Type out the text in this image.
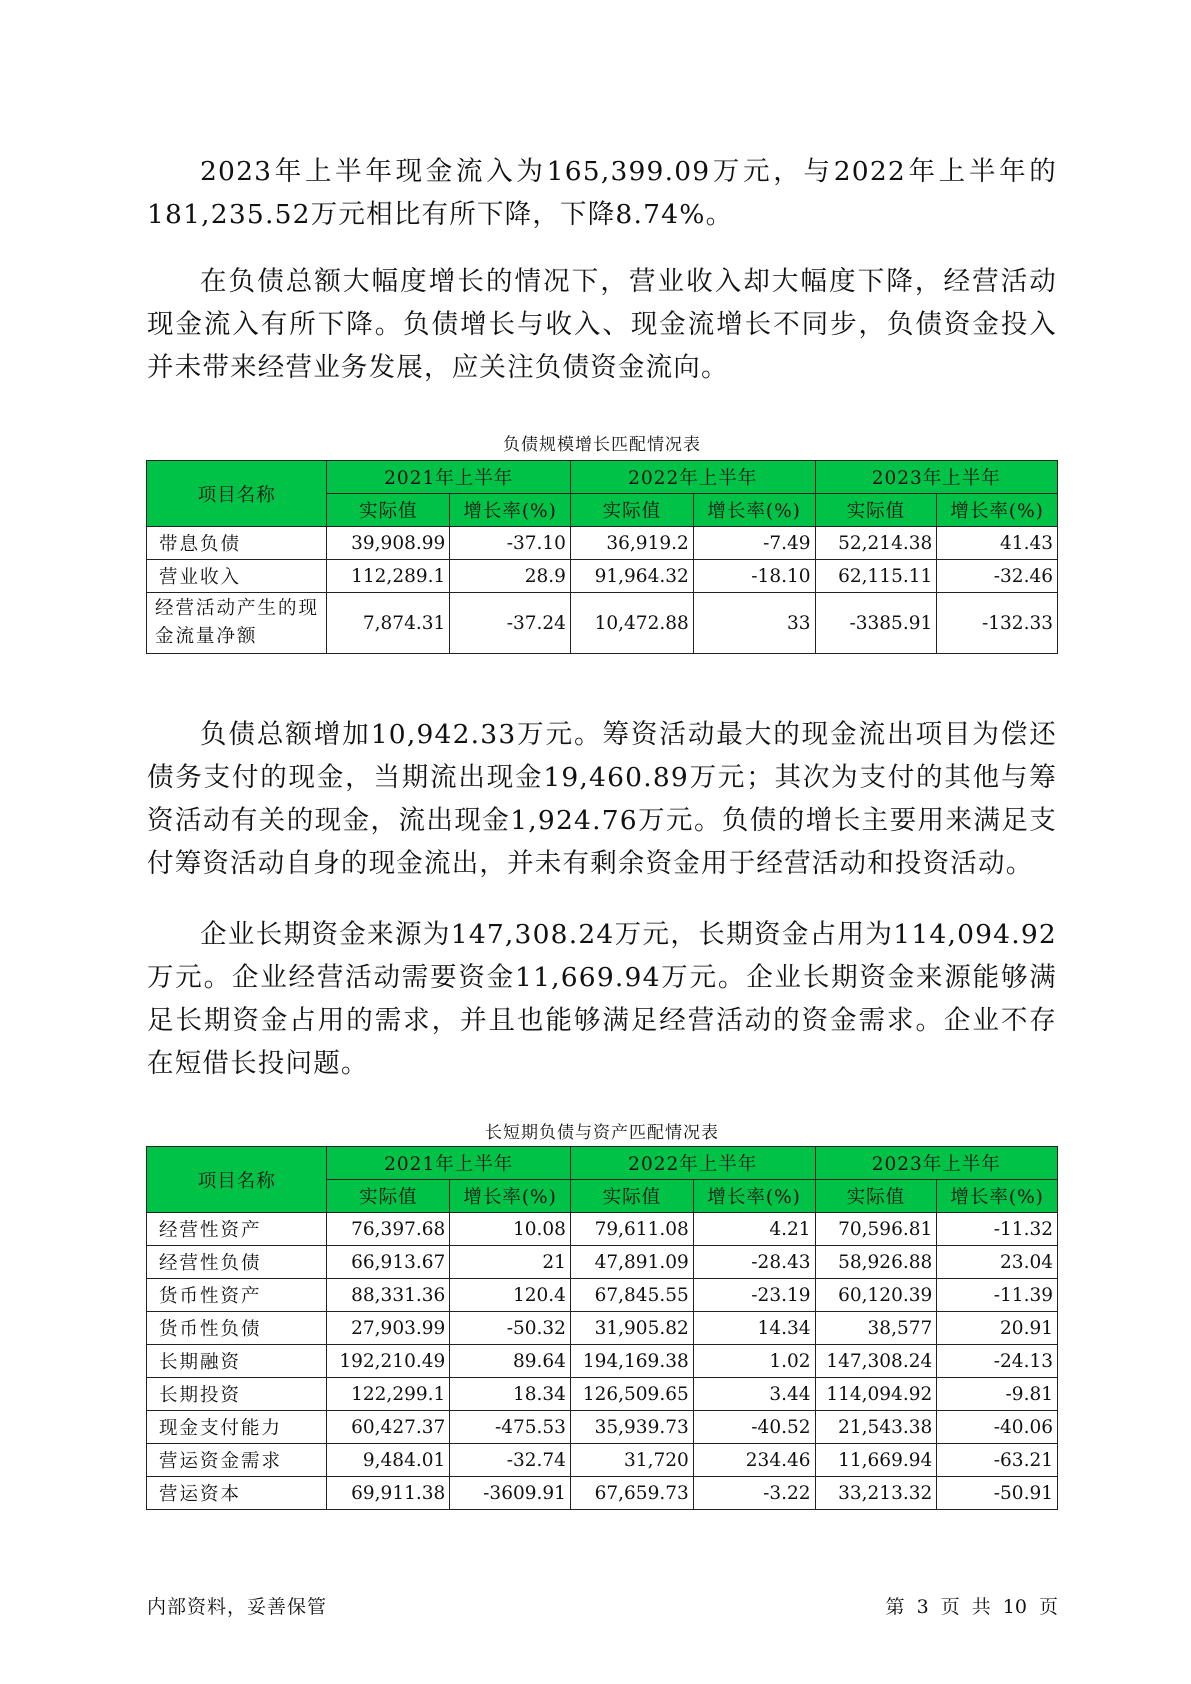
2023年上半年现金流入为165,399.09万元，与2022年上半年的181,235.52万元相比有所下降，下降8.74%。

在负债总额大幅度增长的情况下，营业收入却大幅度下降，经营活动现金流入有所下降。负债增长与收入、现金流增长不同步，负债资金投入并未带来经营业务发展，应关注负债资金流向。

负债规模增长匹配情况表
项目名称	2021年上半年		2022年上半年		2023年上半年	
	实际值	增长率(%)	实际值	增长率(%)	实际值	增长率(%)
带息负债	39,908.99	-37.10	36,919.2	-7.49	52,214.38	41.43
营业收入	112,289.1	28.9	91,964.32	-18.10	62,115.11	-32.46
经营活动产生的现金流量净额	7,874.31	-37.24	10,472.88	33	-3385.91	-132.33

负债总额增加10,942.33万元。筹资活动最大的现金流出项目为偿还债务支付的现金，当期流出现金19,460.89万元；其次为支付的其他与筹资活动有关的现金，流出现金1,924.76万元。负债的增长主要用来满足支付筹资活动自身的现金流出，并未有剩余资金用于经营活动和投资活动。

企业长期资金来源为147,308.24万元，长期资金占用为114,094.92万元。企业经营活动需要资金11,669.94万元。企业长期资金来源能够满足长期资金占用的需求，并且也能够满足经营活动的资金需求。企业不存在短借长投问题。

长短期负债与资产匹配情况表
项目名称	2021年上半年		2022年上半年		2023年上半年	
	实际值	增长率(%)	实际值	增长率(%)	实际值	增长率(%)
经营性资产	76,397.68	10.08	79,611.08	4.21	70,596.81	-11.32
经营性负债	66,913.67	21	47,891.09	-28.43	58,926.88	23.04
货币性资产	88,331.36	120.4	67,845.55	-23.19	60,120.39	-11.39
货币性负债	27,903.99	-50.32	31,905.82	14.34	38,577	20.91
长期融资	192,210.49	89.64	194,169.38	1.02	147,308.24	-24.13
长期投资	122,299.1	18.34	126,509.65	3.44	114,094.92	-9.81
现金支付能力	60,427.37	-475.53	35,939.73	-40.52	21,543.38	-40.06
营运资金需求	9,484.01	-32.74	31,720	234.46	11,669.94	-63.21
营运资本	69,911.38	-3609.91	67,659.73	-3.22	33,213.32	-50.91
内部资料，妥善保管	第 3 页 共 10 页
